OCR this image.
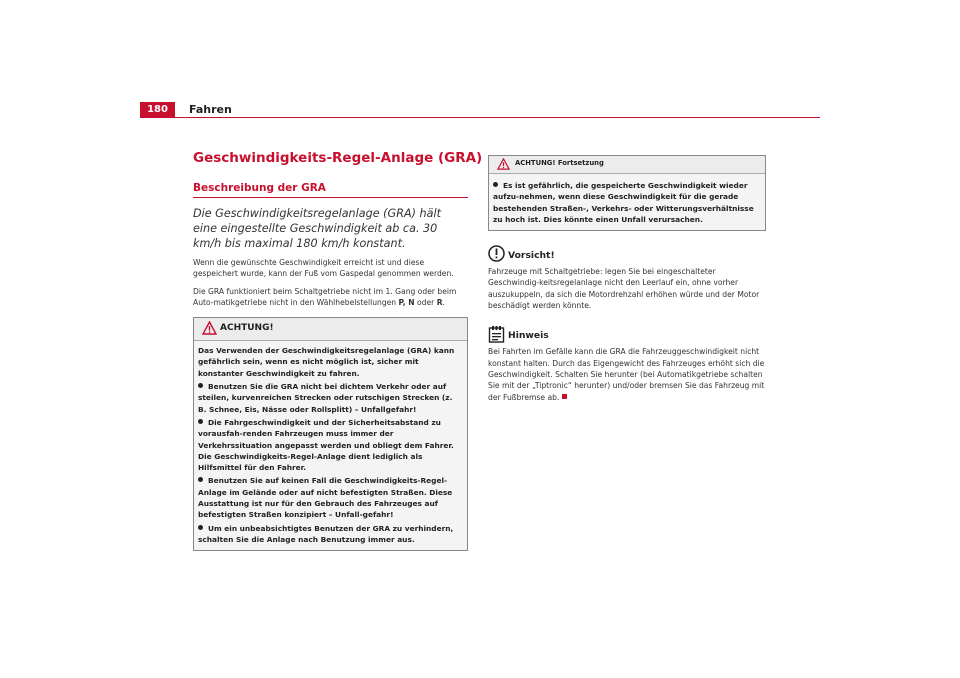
180	Fahren
Geschwindigkeits-Regel-Anlage (GRA)
Beschreibung der GRA
Die Geschwindigkeitsregelanlage (GRA) hält eine eingestellte Geschwindigkeit ab ca. 30 km/h bis maximal 180 km/h konstant.
Wenn die gewünschte Geschwindigkeit erreicht ist und diese gespeichert wurde, kann der Fuß vom Gaspedal genommen werden.
Die GRA funktioniert beim Schaltgetriebe nicht im 1. Gang oder beim Auto-matikgetriebe nicht in den Wählhebelstellungen P, N oder R.
ACHTUNG!
Das Verwenden der Geschwindigkeitsregelanlage (GRA) kann gefährlich sein, wenn es nicht möglich ist, sicher mit konstanter Geschwindigkeit zu fahren.
Benutzen Sie die GRA nicht bei dichtem Verkehr oder auf steilen, kurvenreichen Strecken oder rutschigen Strecken (z. B. Schnee, Eis, Nässe oder Rollsplitt) – Unfallgefahr!
Die Fahrgeschwindigkeit und der Sicherheitsabstand zu vorausfah-renden Fahrzeugen muss immer der Verkehrssituation angepasst werden und obliegt dem Fahrer. Die Geschwindigkeits-Regel-Anlage dient lediglich als Hilfsmittel für den Fahrer.
Benutzen Sie auf keinen Fall die Geschwindigkeits-Regel-Anlage im Gelände oder auf nicht befestigten Straßen. Diese Ausstattung ist nur für den Gebrauch des Fahrzeuges auf befestigten Straßen konzipiert – Unfall-gefahr!
Um ein unbeabsichtigtes Benutzen der GRA zu verhindern, schalten Sie die Anlage nach Benutzung immer aus.
ACHTUNG! Fortsetzung
Es ist gefährlich, die gespeicherte Geschwindigkeit wieder aufzu-nehmen, wenn diese Geschwindigkeit für die gerade bestehenden Straßen-, Verkehrs- oder Witterungsverhältnisse zu hoch ist. Dies könnte einen Unfall verursachen.
Vorsicht!
Fahrzeuge mit Schaltgetriebe: legen Sie bei eingeschalteter Geschwindig-keitsregelanlage nicht den Leerlauf ein, ohne vorher auszukuppeln, da sich die Motordrehzahl erhöhen würde und der Motor beschädigt werden könnte.
Hinweis
Bei Fahrten im Gefälle kann die GRA die Fahrzeuggeschwindigkeit nicht konstant halten. Durch das Eigengewicht des Fahrzeuges erhöht sich die Geschwindigkeit. Schalten Sie herunter (bei Automatikgetriebe schalten Sie mit der „Tiptronic“ herunter) und/oder bremsen Sie das Fahrzeug mit der Fußbremse ab.
